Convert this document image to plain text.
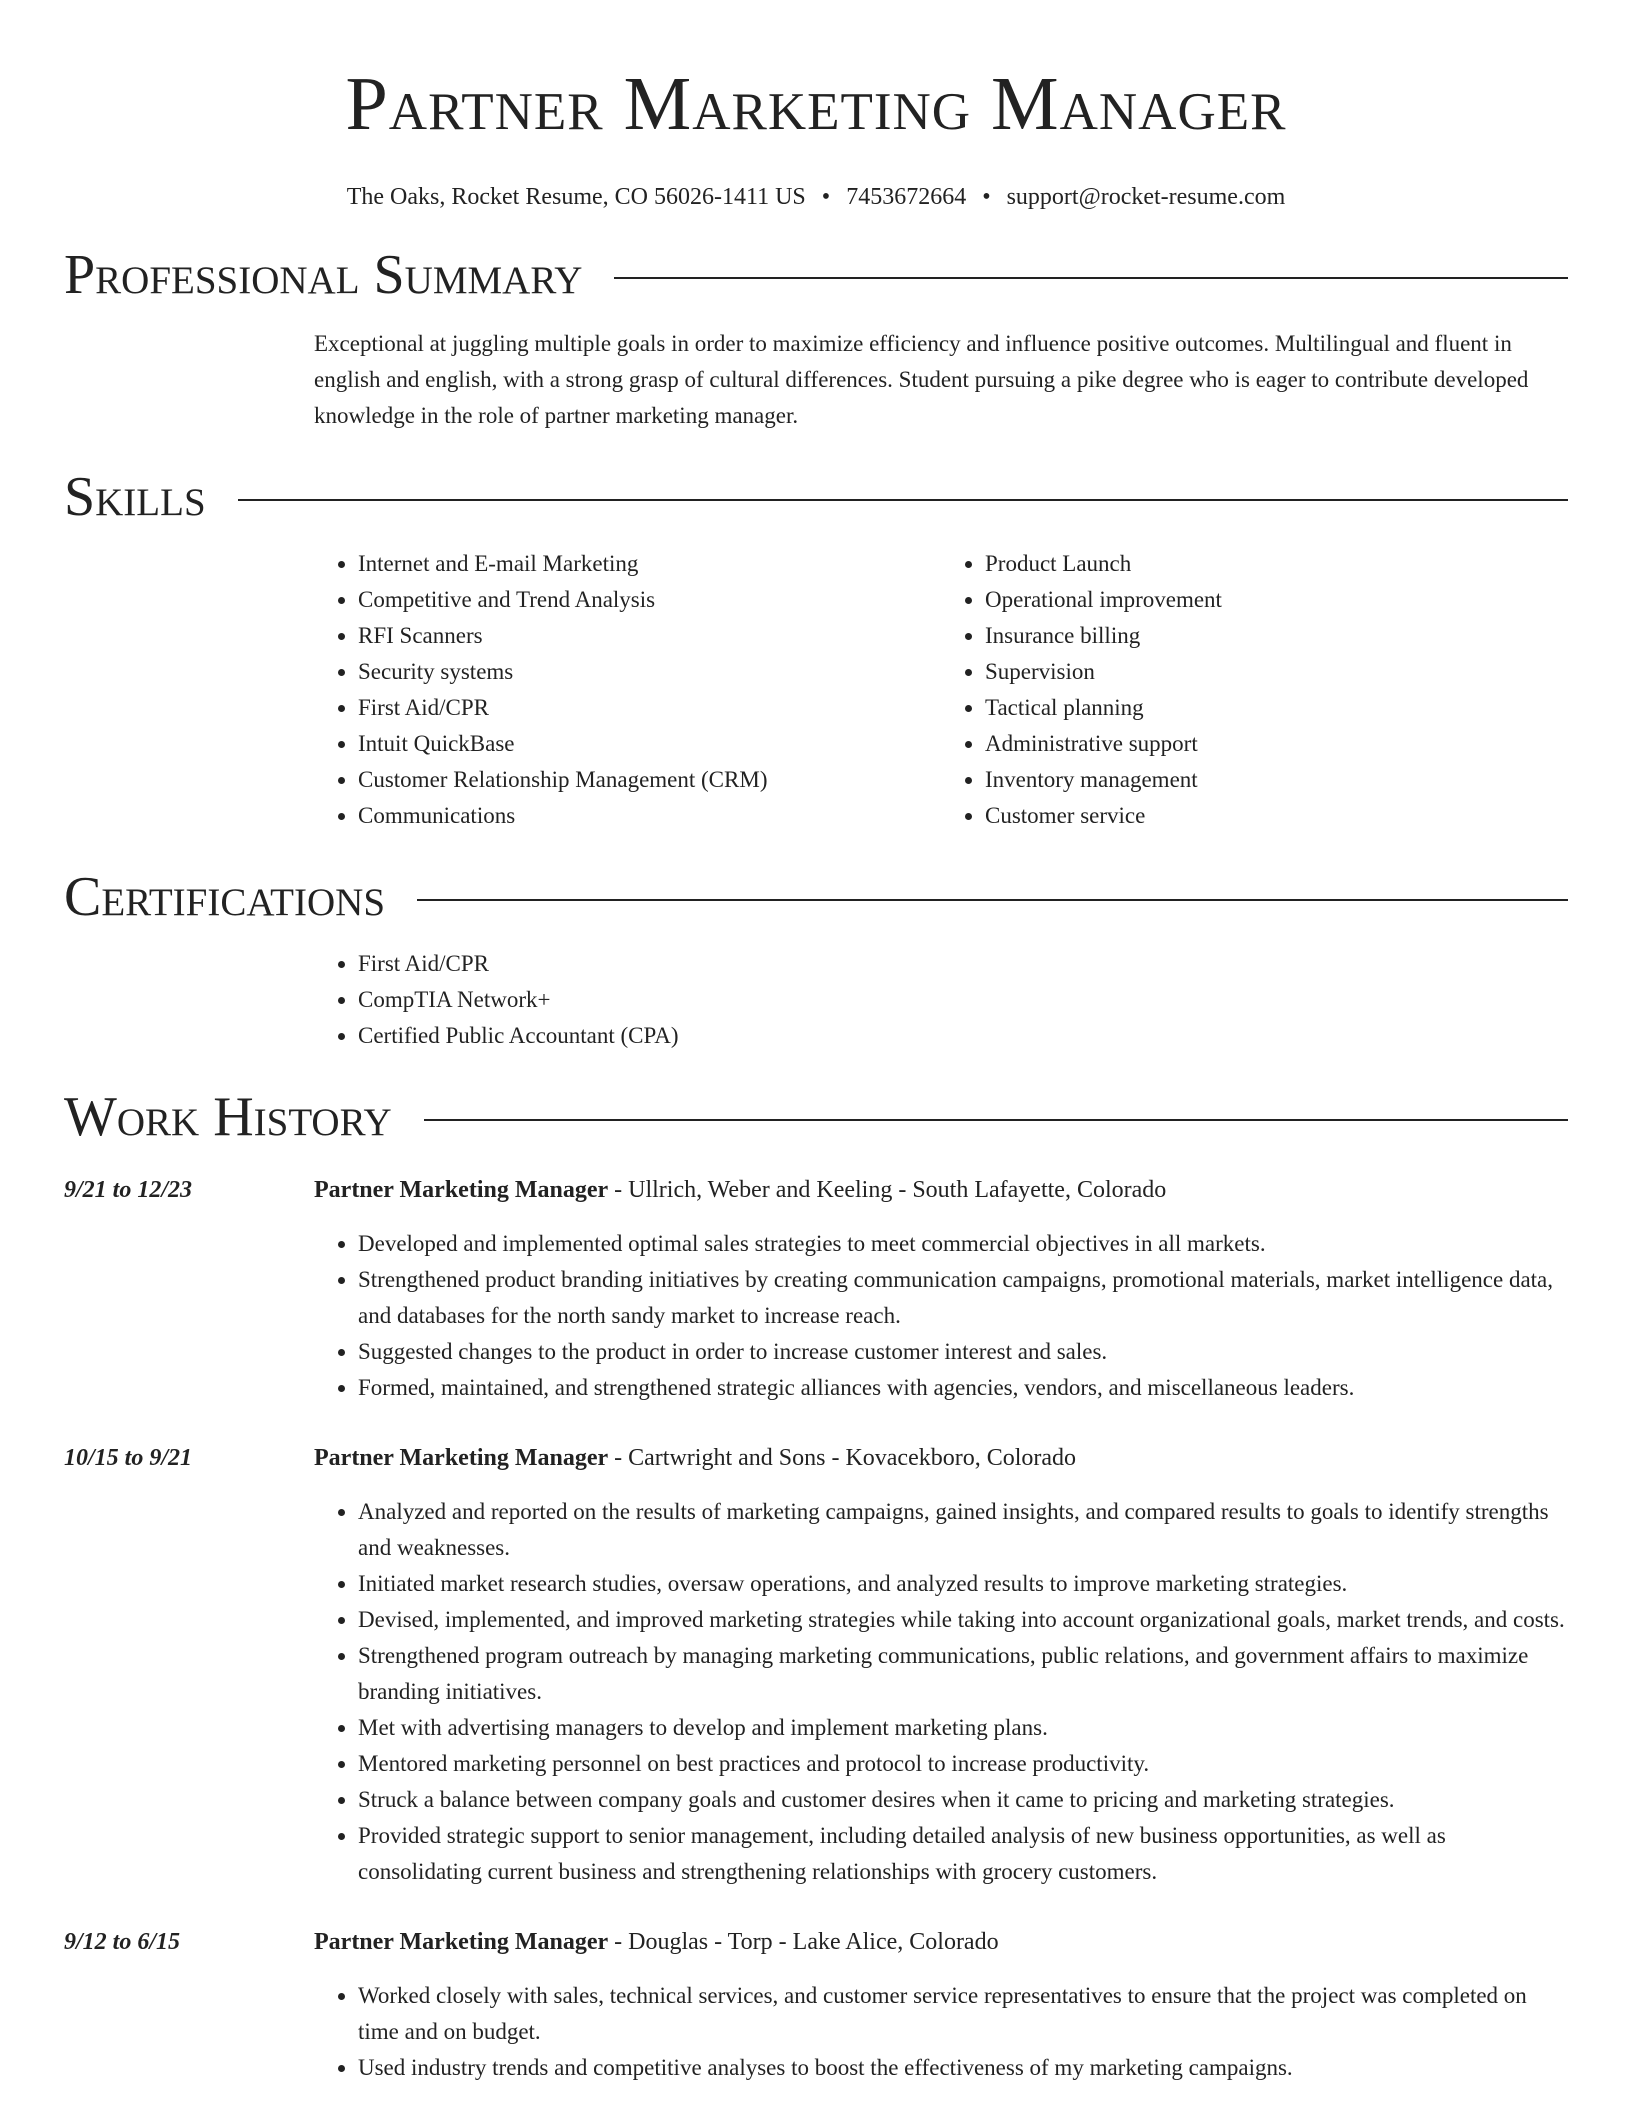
Partner Marketing Manager
The Oaks, Rocket Resume, CO 56026-1411 US • 7453672664 • support@rocket-resume.com
Professional Summary

Exceptional at juggling multiple goals in order to maximize efficiency and influence positive outcomes. Multilingual and fluent in english and english, with a strong grasp of cultural differences. Student pursuing a pike degree who is eager to contribute developed knowledge in the role of partner marketing manager.

Skills
• Internet and E-mail Marketing
• Competitive and Trend Analysis
• RFI Scanners
• Security systems
• First Aid/CPR
• Intuit QuickBase
• Customer Relationship Management (CRM)
• Communications
• Product Launch
• Operational improvement
• Insurance billing
• Supervision
• Tactical planning
• Administrative support
• Inventory management
• Customer service
Certifications
• First Aid/CPR
• CompTIA Network+
• Certified Public Accountant (CPA)
Work History
9/21 to 12/23	Partner Marketing Manager - Ullrich, Weber and Keeling - South Lafayette, Colorado
• Developed and implemented optimal sales strategies to meet commercial objectives in all markets.
• Strengthened product branding initiatives by creating communication campaigns, promotional materials, market intelligence data, and databases for the north sandy market to increase reach.
• Suggested changes to the product in order to increase customer interest and sales.
• Formed, maintained, and strengthened strategic alliances with agencies, vendors, and miscellaneous leaders.
10/15 to 9/21	Partner Marketing Manager - Cartwright and Sons - Kovacekboro, Colorado
• Analyzed and reported on the results of marketing campaigns, gained insights, and compared results to goals to identify strengths and weaknesses.
• Initiated market research studies, oversaw operations, and analyzed results to improve marketing strategies.
• Devised, implemented, and improved marketing strategies while taking into account organizational goals, market trends, and costs.
• Strengthened program outreach by managing marketing communications, public relations, and government affairs to maximize branding initiatives.
• Met with advertising managers to develop and implement marketing plans.
• Mentored marketing personnel on best practices and protocol to increase productivity.
• Struck a balance between company goals and customer desires when it came to pricing and marketing strategies.
• Provided strategic support to senior management, including detailed analysis of new business opportunities, as well as consolidating current business and strengthening relationships with grocery customers.
9/12 to 6/15	Partner Marketing Manager - Douglas - Torp - Lake Alice, Colorado
• Worked closely with sales, technical services, and customer service representatives to ensure that the project was completed on time and on budget.
• Used industry trends and competitive analyses to boost the effectiveness of my marketing campaigns.
